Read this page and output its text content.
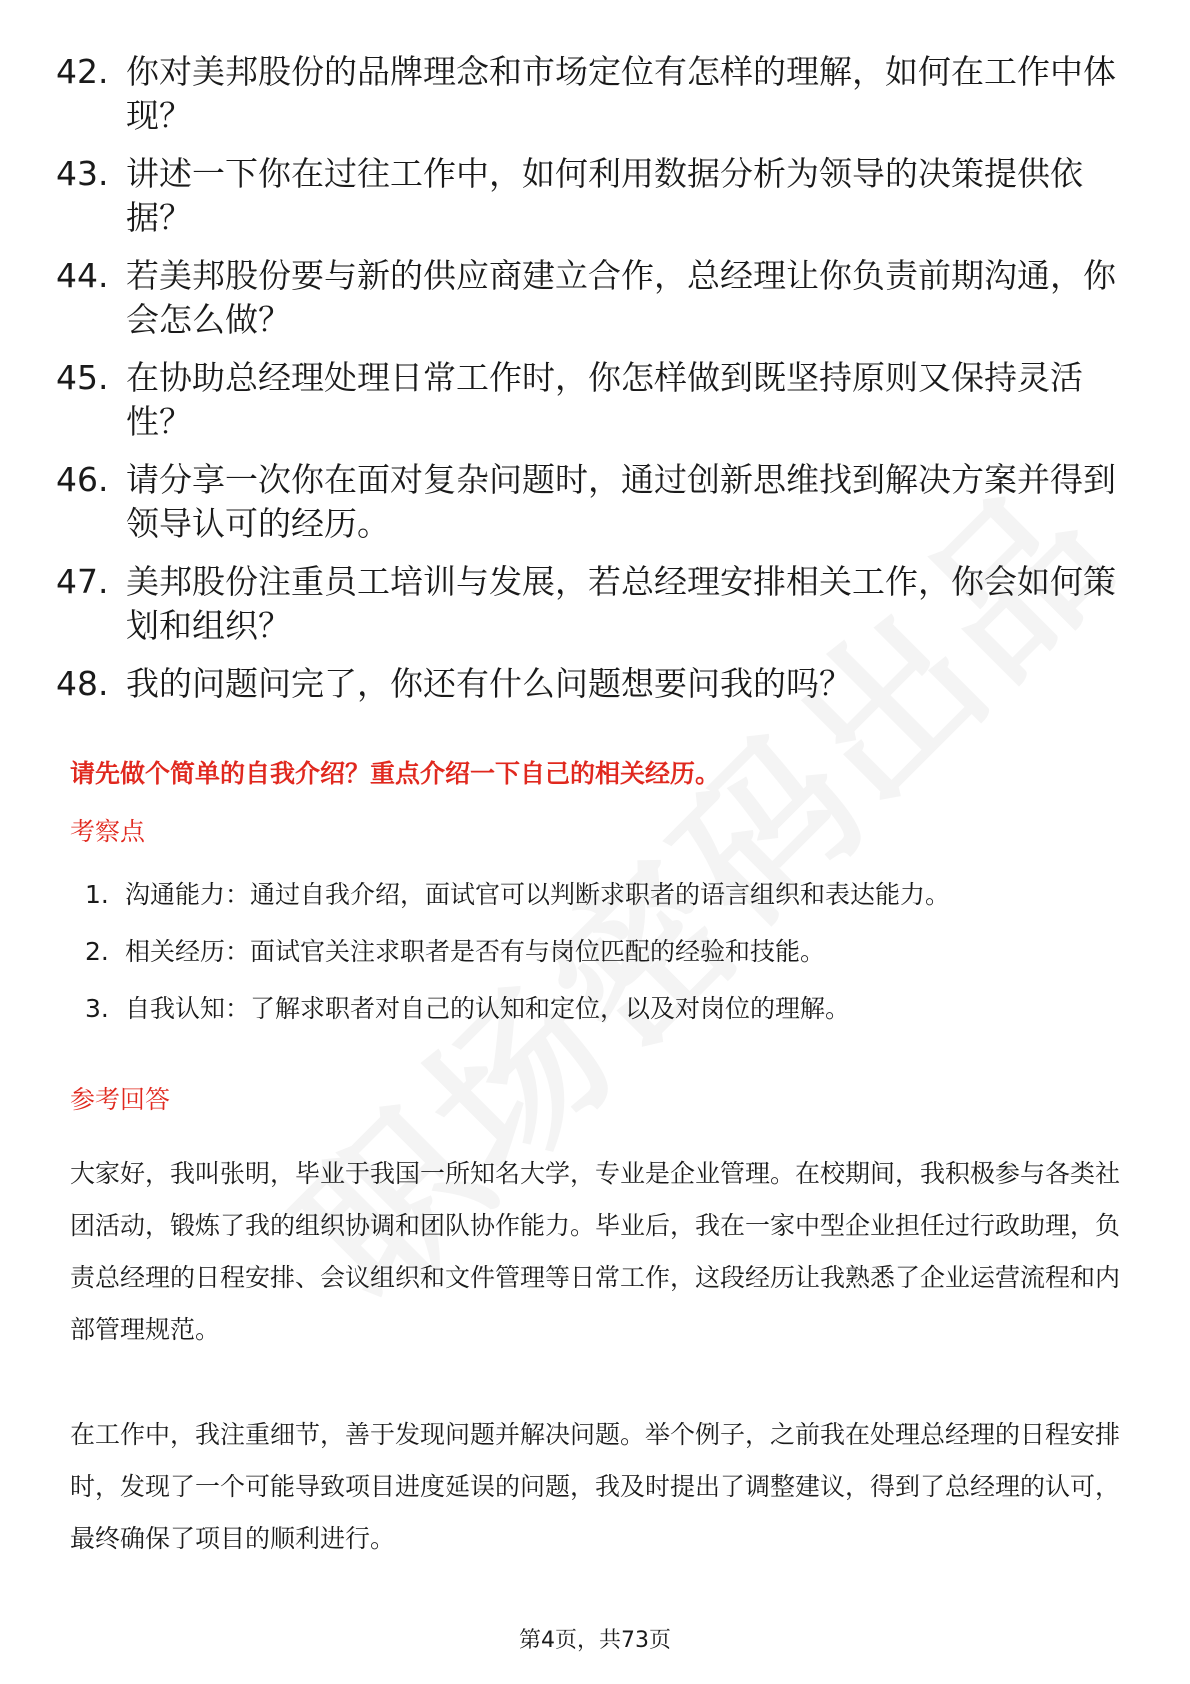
42. 你对美邦股份的品牌理念和市场定位有怎样的理解，如何在工作中体现？
43. 讲述一下你在过往工作中，如何利用数据分析为领导的决策提供依据？
44. 若美邦股份要与新的供应商建立合作，总经理让你负责前期沟通，你会怎么做？
45. 在协助总经理处理日常工作时，你怎样做到既坚持原则又保持灵活性？
46. 请分享一次你在面对复杂问题时，通过创新思维找到解决方案并得到领导认可的经历。
47. 美邦股份注重员工培训与发展，若总经理安排相关工作，你会如何策划和组织？
48. 我的问题问完了，你还有什么问题想要问我的吗？
请先做个简单的自我介绍？重点介绍一下自己的相关经历。
考察点
1. 沟通能力：通过自我介绍，面试官可以判断求职者的语言组织和表达能力。
2. 相关经历：面试官关注求职者是否有与岗位匹配的经验和技能。
3. 自我认知：了解求职者对自己的认知和定位，以及对岗位的理解。
参考回答

大家好，我叫张明，毕业于我国一所知名大学，专业是企业管理。在校期间，我积极参与各类社团活动，锻炼了我的组织协调和团队协作能力。毕业后，我在一家中型企业担任过行政助理，负责总经理的日程安排、会议组织和文件管理等日常工作，这段经历让我熟悉了企业运营流程和内部管理规范。

在工作中，我注重细节，善于发现问题并解决问题。举个例子，之前我在处理总经理的日程安排时，发现了一个可能导致项目进度延误的问题，我及时提出了调整建议，得到了总经理的认可，最终确保了项目的顺利进行。

第4页，共73页
